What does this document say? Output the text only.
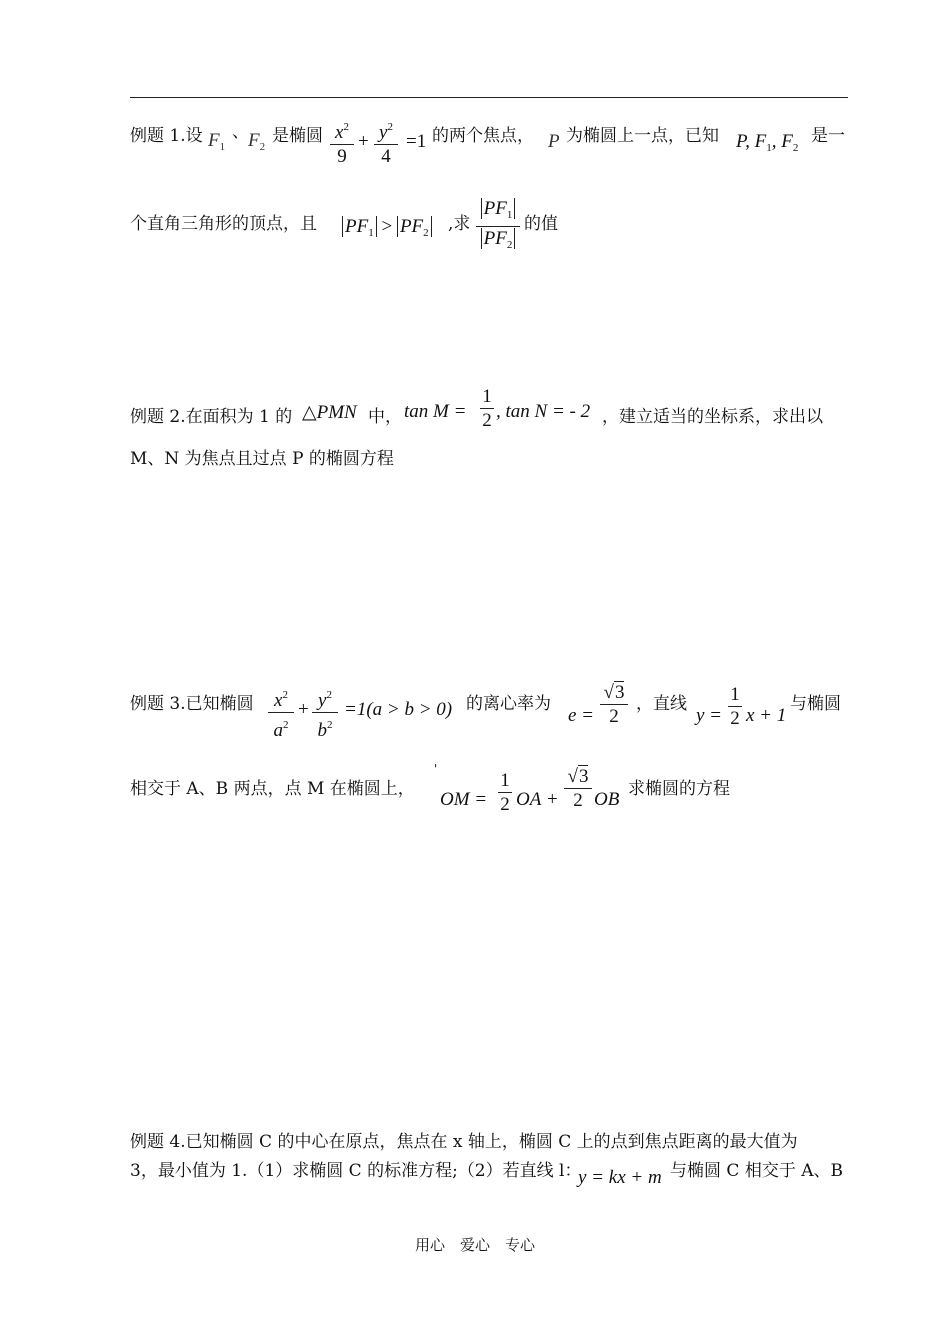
例题 1.设 $F_1$
、 $F_2$
是椭圆 $\frac{x^2}{9} + \frac{y^2}{4} =1$ 的两个焦点， P 为椭圆上一点，已知 P, $F_1$, $F_2$
是一
个直角三角形的顶点，且 $PF_1 > PF_2$ ,求 $\frac{PF_1}{PF_2}$ 的值
例题 2.在面积为 1 的 △PMN 中， $\tan M = \frac{1}{2}$ , tan N = - 2 ，建立适当的坐标系，求出以
M、N 为焦点且过点 P 的椭圆方程
例题 3.已知椭圆 $\frac{x^2}{a^2} + \frac{y^2}{b^2} =1(a > b > 0)$ 的离心率为
$e = \frac{√3}{2}$ ，直线
$y = \frac{1}{2}$ x + 1
与椭圆
相交于 A、B 两点，点 M 在椭圆上，
'
OM = $\frac{1}{2}$ OA + $\frac{√3}{2}$ OB 求椭圆的方程
例题 4.已知椭圆 C 的中心在原点，焦点在 x 轴上，椭圆 C 上的点到焦点距离的最大值为
3，最小值为 1.（1）求椭圆 C 的标准方程;（2）若直线 l：
y = kx + m 与椭圆 C 相交于 A、B
用心　爱心　专心
